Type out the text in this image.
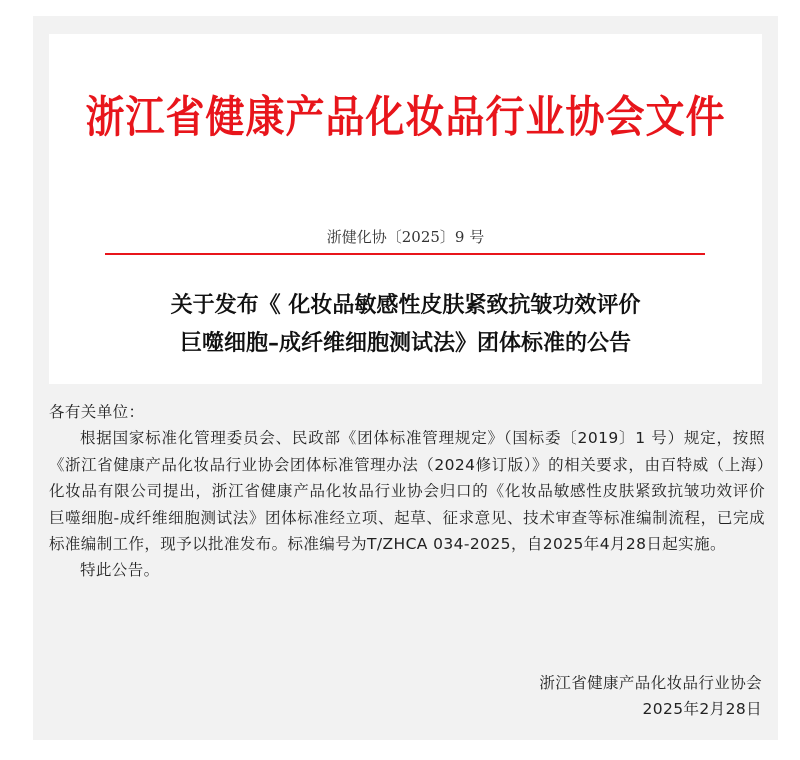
浙江省健康产品化妆品行业协会文件
浙健化协〔2025〕9 号
关于发布《 化妆品敏感性皮肤紧致抗皱功效评价
巨噬细胞–成纤维细胞测试法》团体标准的公告

各有关单位：

根据国家标准化管理委员会、民政部《团体标准管理规定》（国标委〔2019〕1 号）规定，按照《浙江省健康产品化妆品行业协会团体标准管理办法（2024修订版）》的相关要求，由百特威（上海）化妆品有限公司提出，浙江省健康产品化妆品行业协会归口的《化妆品敏感性皮肤紧致抗皱功效评价 巨噬细胞-成纤维细胞测试法》团体标准经立项、起草、征求意见、技术审查等标准编制流程，已完成标准编制工作，现予以批准发布。标准编号为T/ZHCA 034-2025，自2025年4月28日起实施。

特此公告。

浙江省健康产品化妆品行业协会
2025年2月28日
